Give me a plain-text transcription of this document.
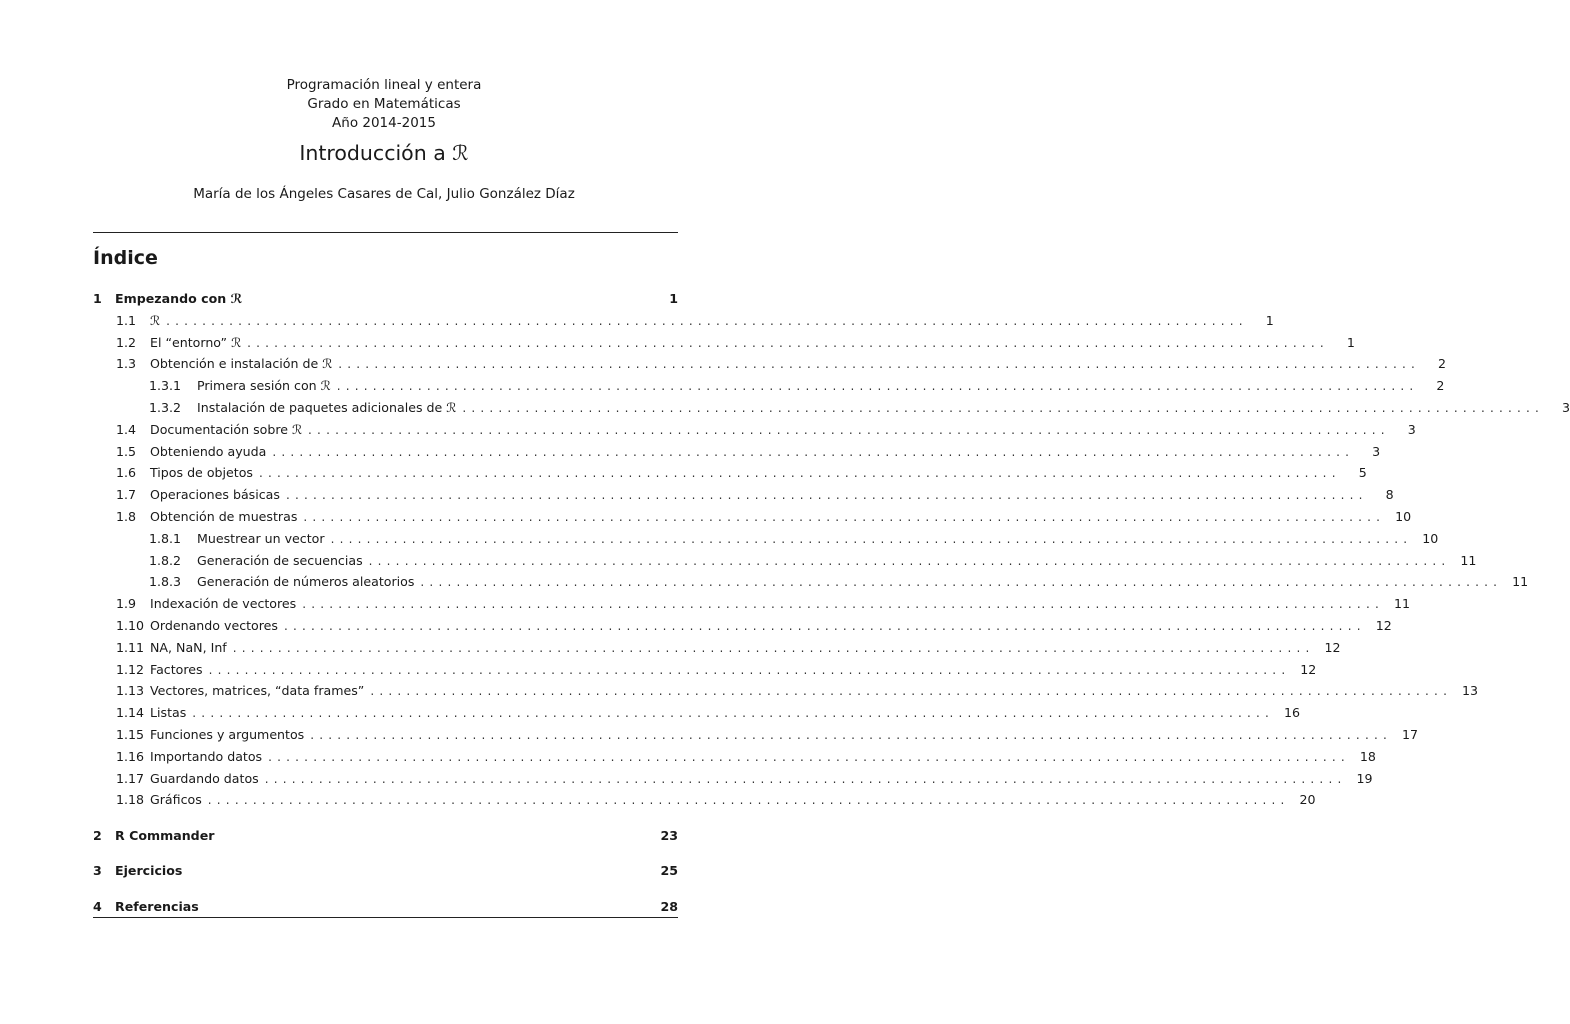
Programación lineal y entera
Grado en Matemáticas
Año 2014-2015
Introducción a ℛ
María de los Ángeles Casares de Cal, Julio González Díaz
Índice
1	Empezando con ℛ	1
1.1	ℛ ........................................................................................................................	1
1.2	El “entorno” ℛ ........................................................................................................................	1
1.3	Obtención e instalación de ℛ ........................................................................................................................	2
1.3.1	Primera sesión con ℛ ........................................................................................................................	2
1.3.2	Instalación de paquetes adicionales de ℛ ........................................................................................................................	3
1.4	Documentación sobre ℛ ........................................................................................................................	3
1.5	Obteniendo ayuda ........................................................................................................................	3
1.6	Tipos de objetos ........................................................................................................................	5
1.7	Operaciones básicas ........................................................................................................................	8
1.8	Obtención de muestras ........................................................................................................................ 10
1.8.1	Muestrear un vector ........................................................................................................................ 10
1.8.2	Generación de secuencias ........................................................................................................................ 11
1.8.3	Generación de números aleatorios ........................................................................................................................ 11
1.9	Indexación de vectores ........................................................................................................................ 11
1.10 Ordenando vectores ........................................................................................................................ 12
1.11 NA, NaN, Inf ........................................................................................................................ 12
1.12 Factores ........................................................................................................................ 12
1.13 Vectores, matrices, “data frames” ........................................................................................................................ 13
1.14 Listas ........................................................................................................................ 16
1.15 Funciones y argumentos ........................................................................................................................ 17
1.16 Importando datos ........................................................................................................................ 18
1.17 Guardando datos ........................................................................................................................ 19
1.18 Gráficos ........................................................................................................................ 20
2	R Commander	23
3	Ejercicios	25
4	Referencias	28
